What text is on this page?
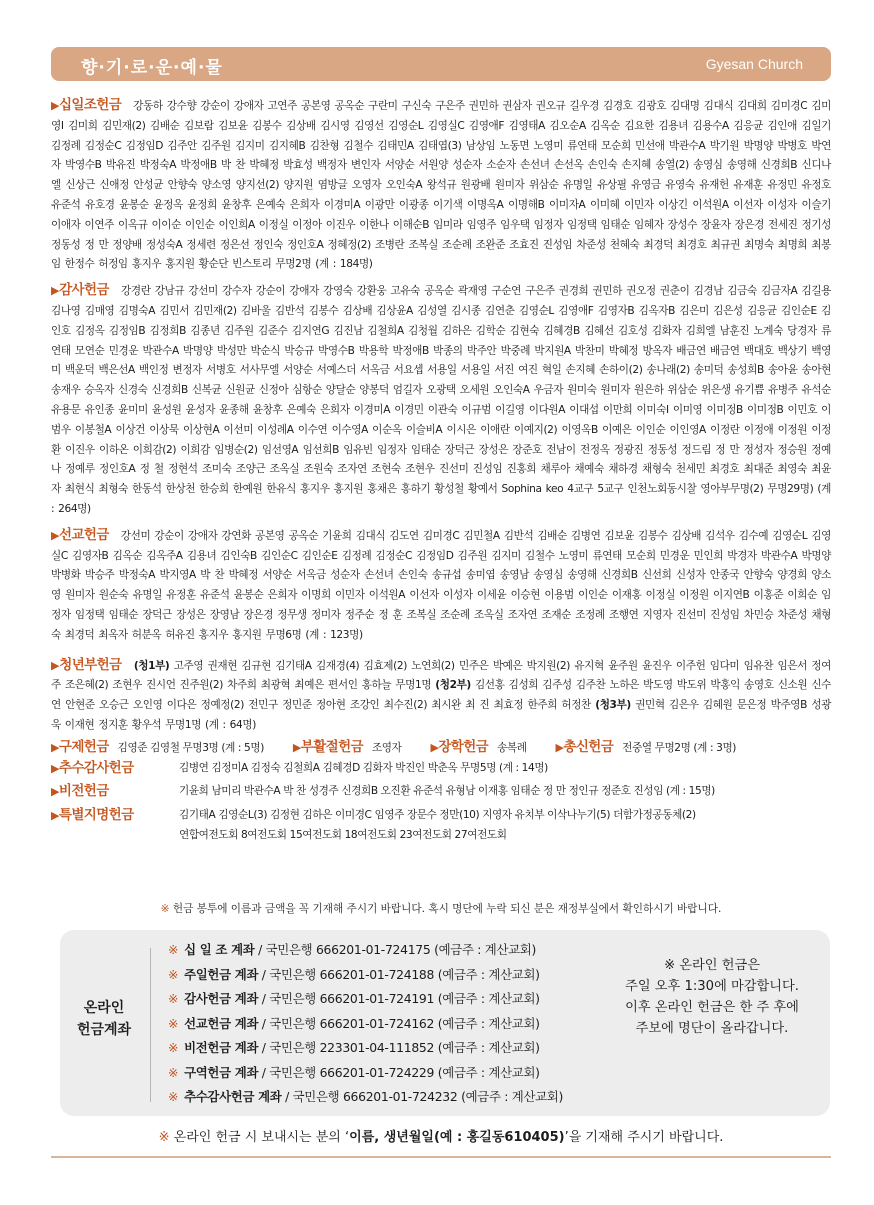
향·기·로·운·예·물	Gyesan Church
▶십일조헌금 강동하 강수향 강순이 강애자 고연주 공본영 공옥순 구란미 구신숙 구은주 권민하 권삼자 권오규 길우경 김경호 김광호 김대명 김대식 김대희 김미경C 김미영I 김미희 김민재(2) 김배순 김보람 김보윤 김봉수 김상배 김시영 김영선 김영순L 김영실C 김영애F 김영태A 김오순A 김옥순 김요한 김용녀 김용수A 김응균 김인애 김일기 김정례 김정순C 김정임D 김주안 김주원 김지미 김지혜B 김찬형 김철수 김태민A 김태엽(3) 남상임 노동면 노영미 류연태 모순희 민선애 박관수A 박기원 박명양 박병호 박연자 박영수B 박유진 박정숙A 박정애B 박 찬 박혜정 박효성 백정자 변인자 서양순 서원양 성순자 소순자 손선녀 손선옥 손인숙 손지혜 송열(2) 송영심 송영해 신경희B 신디나엘 신상근 신애정 안성균 안향숙 양소영 양지선(2) 양지원 염방글 오영자 오인숙A 왕석규 원광배 원미자 위삼순 유명일 유상필 유영금 유영숙 유재헌 유재훈 유정민 유정호 유준석 유호경 윤봉순 윤정옥 윤정희 윤창후 은예숙 은희자 이경미A 이광만 이광종 이기색 이명옥A 이명해B 이미자A 이미혜 이민자 이상긴 이석원A 이선자 이성자 이슬기 이애자 이연주 이옥규 이이순 이인순 이인희A 이정실 이정아 이진우 이한나 이해순B 임미라 임영주 임우택 임정자 임정택 임태순 임혜자 장성수 장윤자 장은경 전세진 정기성 정동성 정 만 정양배 정성숙A 정세련 정은선 정인숙 정인호A 정혜정(2) 조병란 조복실 조순례 조완준 조효진 진성임 차준성 천혜숙 최경덕 최경호 최규권 최명숙 최명희 최봉임 한정수 허정임 홍지우 홍지원 황순단 빈스토리 무명2명 (계 : 184명)
▶감사헌금 강경란 강남규 강선미 강수자 강순이 강애자 강영숙 강환웅 고유숙 공옥순 곽재영 구순연 구은주 권경희 권민하 권오정 권춘이 김경남 김금숙 김금자A 김길용 김나영 김매영 김명숙A 김민서 김민재(2) 김바울 김반석 김봉수 김상배 김상윤A 김성열 김시종 김연춘 김영순L 김영애F 김영자B 김옥자B 김은미 김은성 김응균 김인순E 김인호 김정옥 김정임B 김정희B 김종년 김주원 김준수 김지연G 김진남 김철희A 김청월 김하은 김학순 김현숙 김혜경B 김혜선 김호성 김화자 김희엘 남훈진 노계숙 당경자 류연태 모연순 민경운 박관수A 박명양 박성만 박순식 박승규 박영수B 박용학 박정애B 박종의 박주안 박중례 박지원A 박찬미 박혜정 방옥자 배금연 배금연 백대호 백상기 백영미 백운덕 백은선A 백인정 변정자 서병호 서사무엘 서양순 서예스더 서옥금 서요셉 서용일 서용일 서진 여진 혁일 손지혜 손하이(2) 송나래(2) 송미덕 송성희B 송아윤 송아현 송재우 승옥자 신경숙 신경희B 신복균 신원균 신정아 심항순 양달순 양봉덕 엄길자 오광택 오세원 오인숙A 우금자 원미숙 원미자 원은하 위삼순 위은생 유기쁨 유병주 유석순 유용문 유인종 윤미미 윤성원 윤성자 윤종해 윤창후 은예숙 은희자 이경미A 이경민 이관숙 이규범 이길영 이다원A 이대섭 이만희 이미숙I 이미영 이미정B 이미정B 이민호 이범우 이봉철A 이상건 이상묵 이상현A 이선미 이성례A 이수연 이수영A 이순옥 이슬비A 이시은 이애란 이예지(2) 이영옥B 이예은 이인순 이인영A 이정란 이정애 이정원 이정환 이진우 이하온 이희감(2) 이희감 임병순(2) 임선영A 임선희B 임유빈 임정자 임태순 장덕근 장성은 장준호 전남이 전정옥 정광진 정동성 정드림 정 만 정성자 정승원 정예나 정예루 정인호A 정 철 정현석 조미숙 조양근 조옥실 조원숙 조자연 조현숙 조현우 진선미 진성임 진홍희 채루아 채예숙 채하경 채형숙 천세민 최경호 최대준 최영숙 최윤자 최현식 최형숙 한동석 한상천 한승희 한예원 한유식 홍지우 홍지원 홍채은 홍하기 황성철 황예서 Sophina keo 4교구 5교구 인천노회동시찰 영아부무명(2) 무명29명) (계 : 264명)
▶선교헌금 강선미 강순이 강애자 강연화 공본영 공옥순 기윤희 김대식 김도연 김미경C 김민철A 김반석 김배순 김병연 김보윤 김봉수 김상배 김석우 김수예 김영순L 김영실C 김영자B 김옥순 김옥주A 김용녀 김인숙B 김인순C 김인순E 김정례 김정순C 김정임D 김주원 김지미 김철수 노영미 류연태 모순희 민경운 민인희 박경자 박관수A 박명양 박병화 박승주 박정숙A 박지영A 박 찬 박혜정 서양순 서옥금 성순자 손선녀 손인숙 송규섭 송미엽 송영남 송영심 송영해 신경희B 신선희 신성자 안종국 안향숙 양경희 양소영 원미자 원순숙 유명일 유정훈 유준석 윤봉순 은희자 이명희 이민자 이석원A 이선자 이성자 이세윤 이승현 이용범 이인순 이재홍 이정실 이정원 이지연B 이홍준 이희순 임정자 임정택 임태순 장덕근 장성은 장영남 장은경 정무생 정미자 정주순 정 훈 조복실 조순례 조옥실 조자연 조재순 조정례 조행연 지영자 진선미 진성임 차민승 차준성 채형숙 최경덕 최옥자 허분옥 허유진 홍지우 홍지원 무명6명 (계 : 123명)
▶청년부헌금 (청1부) 고주영 권재현 김규현 김기태A 김재경(4) 김효제(2) 노연희(2) 민주은 박예은 박지원(2) 유지혁 윤주원 윤진우 이주헌 임다미 임유찬 임은서 정여주 조은혜(2) 조현우 진시언 진주원(2) 차주희 최광혁 최예은 편서인 홍하늘 무명1명 (청2부) 김선홍 김성희 김주성 김주찬 노하은 박도영 박도위 박홍익 송영호 신소원 신수연 안현준 오승근 오인영 이다은 정예정(2) 전민구 정민준 정아현 조강인 최수진(2) 최시완 최 진 최효정 한주희 허정찬 (청3부) 권민혁 김은우 김혜원 문은정 박주영B 성광욱 이재현 정지훈 황우석 무명1명 (계 : 64명)
▶구제헌금 김영준 김영철 무명3명 (계 : 5명)	▶부활절헌금 조영자	▶장학헌금 송복례	▶총신헌금 전중열 무명2명 (계 : 3명)
▶추수감사헌금	김병연 김정미A 김정숙 김철희A 김혜경D 김화자 박진인 박춘옥 무명5명 (계 : 14명)
▶비전헌금	기윤희 남미리 박관수A 박 찬 성경주 신경희B 오진환 유준석 유형남 이재홍 임태순 정 만 정인규 정준호 진성임 (계 : 15명)
▶특별지명헌금	김기태A 김영순L(3) 김정현 김하은 이미경C 임영주 장문수 정만(10) 지영자 유치부 이삭나누기(5) 더함가정공동체(2)
연합여전도회 8여전도회 15여전도회 18여전도회 23여전도회 27여전도회
※ 헌금 봉투에 이름과 금액을 꼭 기재해 주시기 바랍니다. 혹시 명단에 누락 되신 분은 재정부실에서 확인하시기 바랍니다.
온라인
헌금계좌
※ 십 일 조 계좌 / 국민은행 666201-01-724175 (예금주 : 계산교회)
※ 주일헌금 계좌 / 국민은행 666201-01-724188 (예금주 : 계산교회)
※ 감사헌금 계좌 / 국민은행 666201-01-724191 (예금주 : 계산교회)
※ 선교헌금 계좌 / 국민은행 666201-01-724162 (예금주 : 계산교회)
※ 비전헌금 계좌 / 국민은행 223301-04-111852 (예금주 : 계산교회)
※ 구역헌금 계좌 / 국민은행 666201-01-724229 (예금주 : 계산교회)
※ 추수감사헌금 계좌 / 국민은행 666201-01-724232 (예금주 : 계산교회)
※ 온라인 헌금은
주일 오후 1:30에 마감합니다.
이후 온라인 헌금은 한 주 후에
주보에 명단이 올라갑니다.
※ 온라인 헌금 시 보내시는 분의 ‘이름, 생년월일(예 : 홍길동610405)’을 기재해 주시기 바랍니다.
